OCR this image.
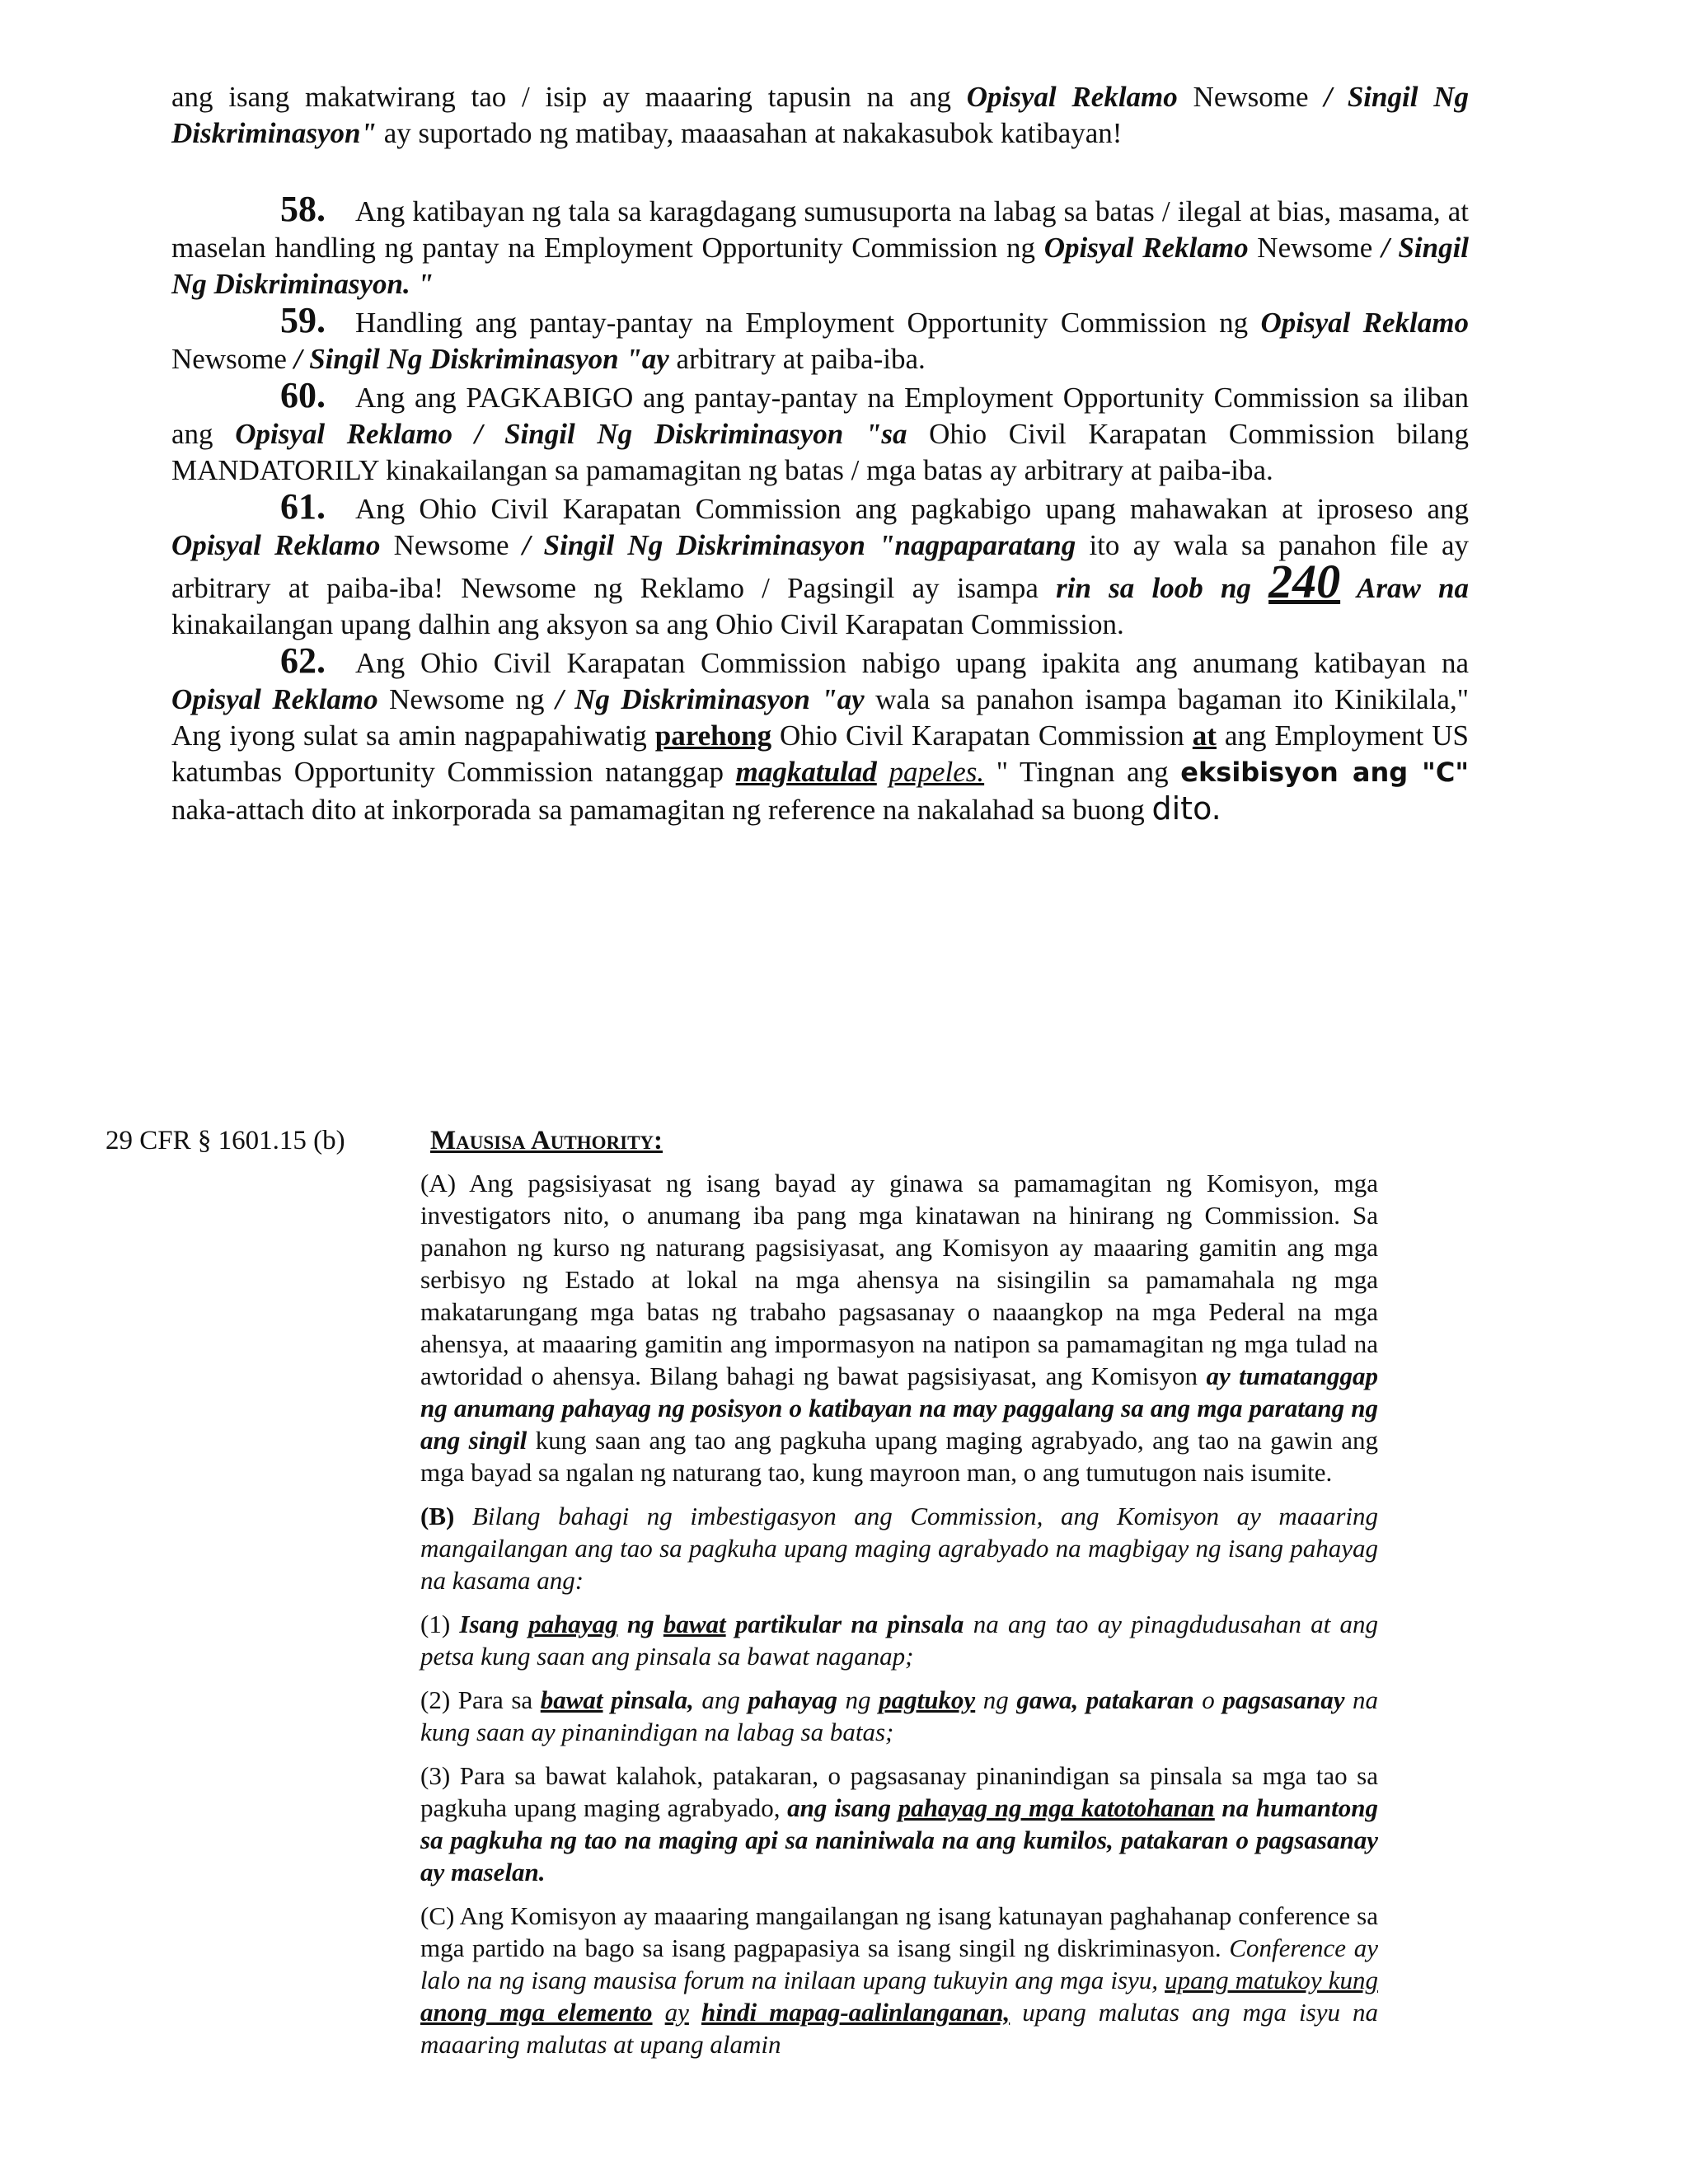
ang isang makatwirang tao / isip ay maaaring tapusin na ang Opisyal Reklamo Newsome / Singil Ng Diskriminasyon" ay suportado ng matibay, maaasahan at nakakasubok katibayan!

58. Ang katibayan ng tala sa karagdagang sumusuporta na labag sa batas / ilegal at bias, masama, at maselan handling ng pantay na Employment Opportunity Commission ng Opisyal Reklamo Newsome / Singil Ng Diskriminasyon. "

59. Handling ang pantay-pantay na Employment Opportunity Commission ng Opisyal Reklamo Newsome / Singil Ng Diskriminasyon "ay arbitrary at paiba-iba.

60. Ang ang PAGKABIGO ang pantay-pantay na Employment Opportunity Commission sa iliban ang Opisyal Reklamo / Singil Ng Diskriminasyon "sa Ohio Civil Karapatan Commission bilang MANDATORILY kinakailangan sa pamamagitan ng batas / mga batas ay arbitrary at paiba-iba.

61. Ang Ohio Civil Karapatan Commission ang pagkabigo upang mahawakan at iproseso ang Opisyal Reklamo Newsome / Singil Ng Diskriminasyon "nagpaparatang ito ay wala sa panahon file ay arbitrary at paiba-iba! Newsome ng Reklamo / Pagsingil ay isampa rin sa loob ng 240 Araw na kinakailangan upang dalhin ang aksyon sa ang Ohio Civil Karapatan Commission.

62. Ang Ohio Civil Karapatan Commission nabigo upang ipakita ang anumang katibayan na Opisyal Reklamo Newsome ng / Ng Diskriminasyon "ay wala sa panahon isampa bagaman ito Kinikilala," Ang iyong sulat sa amin nagpapahiwatig parehong Ohio Civil Karapatan Commission at ang Employment US katumbas Opportunity Commission natanggap magkatulad papeles. " Tingnan ang eksibisyon ang "C" naka-attach dito at inkorporada sa pamamagitan ng reference na nakalahad sa buong dito.

29 CFR § 1601.15 (b)	Mausisa Authority:

(A) Ang pagsisiyasat ng isang bayad ay ginawa sa pamamagitan ng Komisyon, mga investigators nito, o anumang iba pang mga kinatawan na hinirang ng Commission. Sa panahon ng kurso ng naturang pagsisiyasat, ang Komisyon ay maaaring gamitin ang mga serbisyo ng Estado at lokal na mga ahensya na sisingilin sa pamamahala ng mga makatarungang mga batas ng trabaho pagsasanay o naaangkop na mga Pederal na mga ahensya, at maaaring gamitin ang impormasyon na natipon sa pamamagitan ng mga tulad na awtoridad o ahensya. Bilang bahagi ng bawat pagsisiyasat, ang Komisyon ay tumatanggap ng anumang pahayag ng posisyon o katibayan na may paggalang sa ang mga paratang ng ang singil kung saan ang tao ang pagkuha upang maging agrabyado, ang tao na gawin ang mga bayad sa ngalan ng naturang tao, kung mayroon man, o ang tumutugon nais isumite.

(B) Bilang bahagi ng imbestigasyon ang Commission, ang Komisyon ay maaaring mangailangan ang tao sa pagkuha upang maging agrabyado na magbigay ng isang pahayag na kasama ang:

(1) Isang pahayag ng bawat partikular na pinsala na ang tao ay pinagdudusahan at ang petsa kung saan ang pinsala sa bawat naganap;

(2) Para sa bawat pinsala, ang pahayag ng pagtukoy ng gawa, patakaran o pagsasanay na kung saan ay pinanindigan na labag sa batas;

(3) Para sa bawat kalahok, patakaran, o pagsasanay pinanindigan sa pinsala sa mga tao sa pagkuha upang maging agrabyado, ang isang pahayag ng mga katotohanan na humantong sa pagkuha ng tao na maging api sa naniniwala na ang kumilos, patakaran o pagsasanay ay maselan.

(C) Ang Komisyon ay maaaring mangailangan ng isang katunayan paghahanap conference sa mga partido na bago sa isang pagpapasiya sa isang singil ng diskriminasyon. Conference ay lalo na ng isang mausisa forum na inilaan upang tukuyin ang mga isyu, upang matukoy kung anong mga elemento ay hindi mapag-aalinlanganan, upang malutas ang mga isyu na maaaring malutas at upang alamin
